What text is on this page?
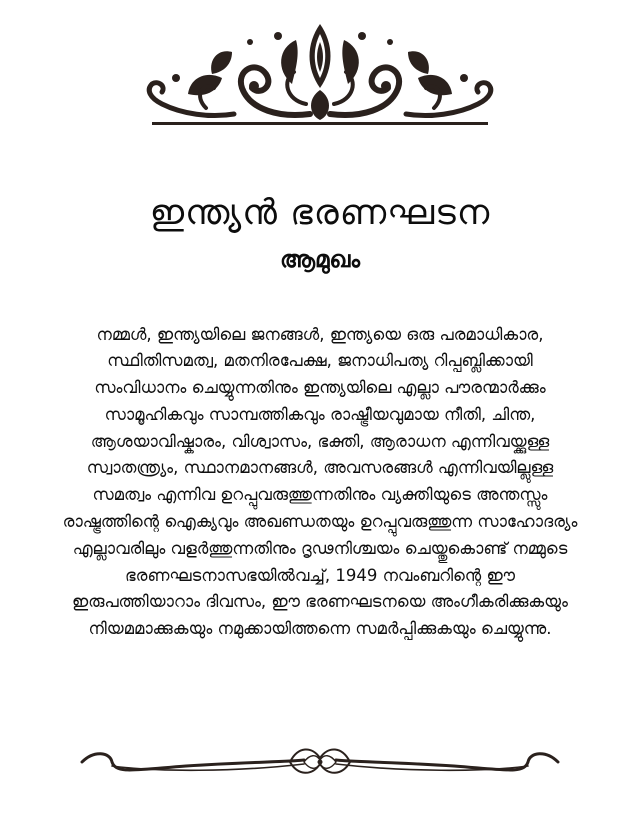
ഇന്ത്യൻ ഭരണഘടന
ആമുഖം

നമ്മൾ, ഇന്ത്യയിലെ ജനങ്ങൾ, ഇന്ത്യയെ ഒരു പരമാധികാര, സ്ഥിതിസമത്വ, മതനിരപേക്ഷ, ജനാധിപത്യ റിപ്പബ്ലിക്കായി സംവിധാനം ചെയ്യുന്നതിനും ഇന്ത്യയിലെ എല്ലാ പൗരന്മാർക്കും സാമൂഹികവും സാമ്പത്തികവും രാഷ്ട്രീയവുമായ നീതി, ചിന്ത, ആശയാവിഷ്കാരം, വിശ്വാസം, ഭക്തി, ആരാധന എന്നിവയ്ക്കുള്ള സ്വാതന്ത്ര്യം, സ്ഥാനമാനങ്ങൾ, അവസരങ്ങൾ എന്നിവയില്ലുള്ള സമത്വം എന്നിവ ഉറപ്പുവരുത്തുന്നതിനും വ്യക്തിയുടെ അന്തസ്സും രാഷ്ട്രത്തിന്റെ ഐക്യവും അഖണ്ഡതയും ഉറപ്പുവരുത്തുന്ന സാഹോദര്യം എല്ലാവരിലും വളർത്തുന്നതിനും ദൃഢനിശ്ചയം ചെയ്തുകൊണ്ട് നമ്മുടെ ഭരണഘടനാസഭയിൽവച്ച്, 1949 നവംബറിന്റെ ഈ ഇരുപത്തിയാറാം ദിവസം, ഈ ഭരണഘടനയെ അംഗീകരിക്കുകയും നിയമമാക്കുകയും നമുക്കായിത്തന്നെ സമർപ്പിക്കുകയും ചെയ്യുന്നു.
